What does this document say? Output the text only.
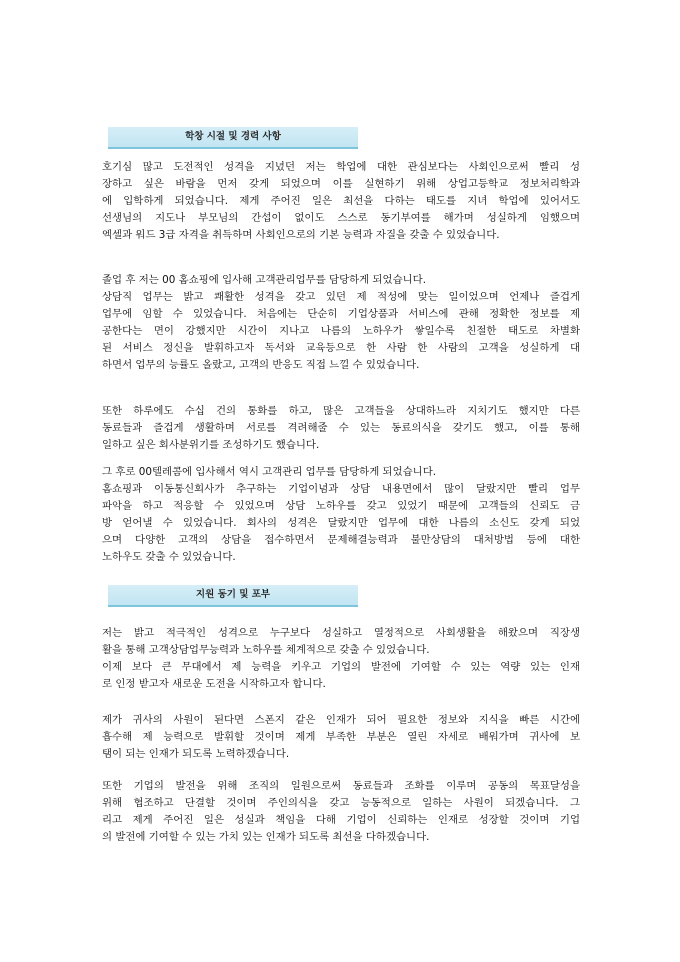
학창 시절 및 경력 사항
호기심 많고 도전적인 성격을 지녔던 저는 학업에 대한 관심보다는 사회인으로써 빨리 성
장하고 싶은 바람을 먼저 갖게 되었으며 이를 실현하기 위해 상업고등학교 정보처리학과
에 입학하게 되었습니다. 제게 주어진 일은 최선을 다하는 태도를 지녀 학업에 있어서도
선생님의 지도나 부모님의 간섭이 없이도 스스로 동기부여를 해가며 성실하게 임했으며
엑셀과 워드 3급 자격을 취득하며 사회인으로의 기본 능력과 자질을 갖출 수 있었습니다.
졸업 후 저는 00 홈쇼핑에 입사해 고객관리업무를 담당하게 되었습니다.
상담직 업무는 밝고 쾌활한 성격을 갖고 있던 제 적성에 맞는 일이었으며 언제나 즐겁게
업무에 임할 수 있었습니다. 처음에는 단순히 기업상품과 서비스에 관해 정확한 정보를 제
공한다는 면이 강했지만 시간이 지나고 나름의 노하우가 쌓일수록 친절한 태도로 차별화
된 서비스 정신을 발휘하고자 독서와 교육등으로 한 사람 한 사람의 고객을 성실하게 대
하면서 업무의 능률도 올랐고, 고객의 반응도 직접 느낄 수 있었습니다.
또한 하루에도 수십 건의 통화를 하고, 많은 고객들을 상대하느라 지치기도 했지만 다른
동료들과 즐겁게 생활하며 서로를 격려해줄 수 있는 동료의식을 갖기도 했고, 이를 통해
일하고 싶은 회사분위기를 조성하기도 했습니다.
그 후로 00텔레콤에 입사해서 역시 고객관리 업무를 담당하게 되었습니다.
홈쇼핑과 이동통신회사가 추구하는 기업이념과 상담 내용면에서 많이 달랐지만 빨리 업무
파악을 하고 적응할 수 있었으며 상담 노하우를 갖고 있었기 때문에 고객들의 신뢰도 금
방 얻어낼 수 있었습니다. 회사의 성격은 달랐지만 업무에 대한 나름의 소신도 갖게 되었
으며 다양한 고객의 상담을 접수하면서 문제해결능력과 불만상담의 대처방법 등에 대한
노하우도 갖출 수 있었습니다.
지원 동기 및 포부
저는 밝고 적극적인 성격으로 누구보다 성실하고 열정적으로 사회생활을 해왔으며 직장생
활을 통해 고객상담업무능력과 노하우를 체계적으로 갖출 수 있었습니다.
이제 보다 큰 무대에서 제 능력을 키우고 기업의 발전에 기여할 수 있는 역량 있는 인재
로 인정 받고자 새로운 도전을 시작하고자 합니다.
제가 귀사의 사원이 된다면 스폰지 같은 인재가 되어 필요한 정보와 지식을 빠른 시간에
흡수해 제 능력으로 발휘할 것이며 제게 부족한 부분은 열린 자세로 배워가며 귀사에 보
탬이 되는 인재가 되도록 노력하겠습니다.
또한 기업의 발전을 위해 조직의 일원으로써 동료들과 조화를 이루며 공동의 목표달성을
위해 협조하고 단결할 것이며 주인의식을 갖고 능동적으로 일하는 사원이 되겠습니다. 그
리고 제게 주어진 일은 성실과 책임을 다해 기업이 신뢰하는 인재로 성장할 것이며 기업
의 발전에 기여할 수 있는 가치 있는 인재가 되도록 최선을 다하겠습니다.
